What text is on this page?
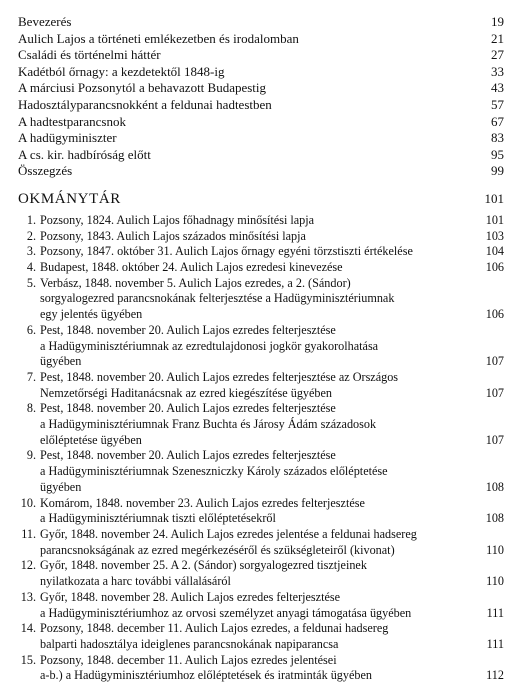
Bevezerés	19
Aulich Lajos a történeti emlékezetben és irodalomban	21
Családi és történelmi háttér	27
Kadétból őrnagy: a kezdetektől 1848-ig	33
A márciusi Pozsonytól a behavazott Budapestig	43
Hadosztályparancsnokként a feldunai hadtestben	57
A hadtestparancsnok	67
A hadügyminiszter	83
A cs. kir. hadbíróság előtt	95
Összegzés	99
OKMÁNYTÁR	101
1. Pozsony, 1824. Aulich Lajos főhadnagy minősítési lapja	101
2. Pozsony, 1843. Aulich Lajos százados minősítési lapja	103
3. Pozsony, 1847. október 31. Aulich Lajos őrnagy egyéni törzstiszti értékelése	104
4. Budapest, 1848. október 24. Aulich Lajos ezredesi kinevezése	106
5. Verbász, 1848. november 5. Aulich Lajos ezredes, a 2. (Sándor)
sorgyalogezred parancsnokának felterjesztése a Hadügyminisztériumnak
egy jelentés ügyében	106
6. Pest, 1848. november 20. Aulich Lajos ezredes felterjesztése
a Hadügyminisztériumnak az ezredtulajdonosi jogkör gyakorolhatása
ügyében	107
7. Pest, 1848. november 20. Aulich Lajos ezredes felterjesztése az Országos
Nemzetőrségi Haditanácsnak az ezred kiegészítése ügyében	107
8. Pest, 1848. november 20. Aulich Lajos ezredes felterjesztése
a Hadügyminisztériumnak Franz Buchta és Járosy Ádám századosok
előléptetése ügyében	107
9. Pest, 1848. november 20. Aulich Lajos ezredes felterjesztése
a Hadügyminisztériumnak Szeneszniczky Károly százados előléptetése
ügyében	108
10. Komárom, 1848. november 23. Aulich Lajos ezredes felterjesztése
a Hadügyminisztériumnak tiszti előléptetésekről	108
11. Győr, 1848. november 24. Aulich Lajos ezredes jelentése a feldunai hadsereg
parancsnokságának az ezred megérkezéséről és szükségleteiről (kivonat)	110
12. Győr, 1848. november 25. A 2. (Sándor) sorgyalogezred tisztjeinek
nyilatkozata a harc további vállalásáról	110
13. Győr, 1848. november 28. Aulich Lajos ezredes felterjesztése
a Hadügyminisztériumhoz az orvosi személyzet anyagi támogatása ügyében	111
14. Pozsony, 1848. december 11. Aulich Lajos ezredes, a feldunai hadsereg
balparti hadosztálya ideiglenes parancsnokának napiparancsa	111
15. Pozsony, 1848. december 11. Aulich Lajos ezredes jelentései
a-b.) a Hadügyminisztériumhoz előléptetések és iratminták ügyében	112
